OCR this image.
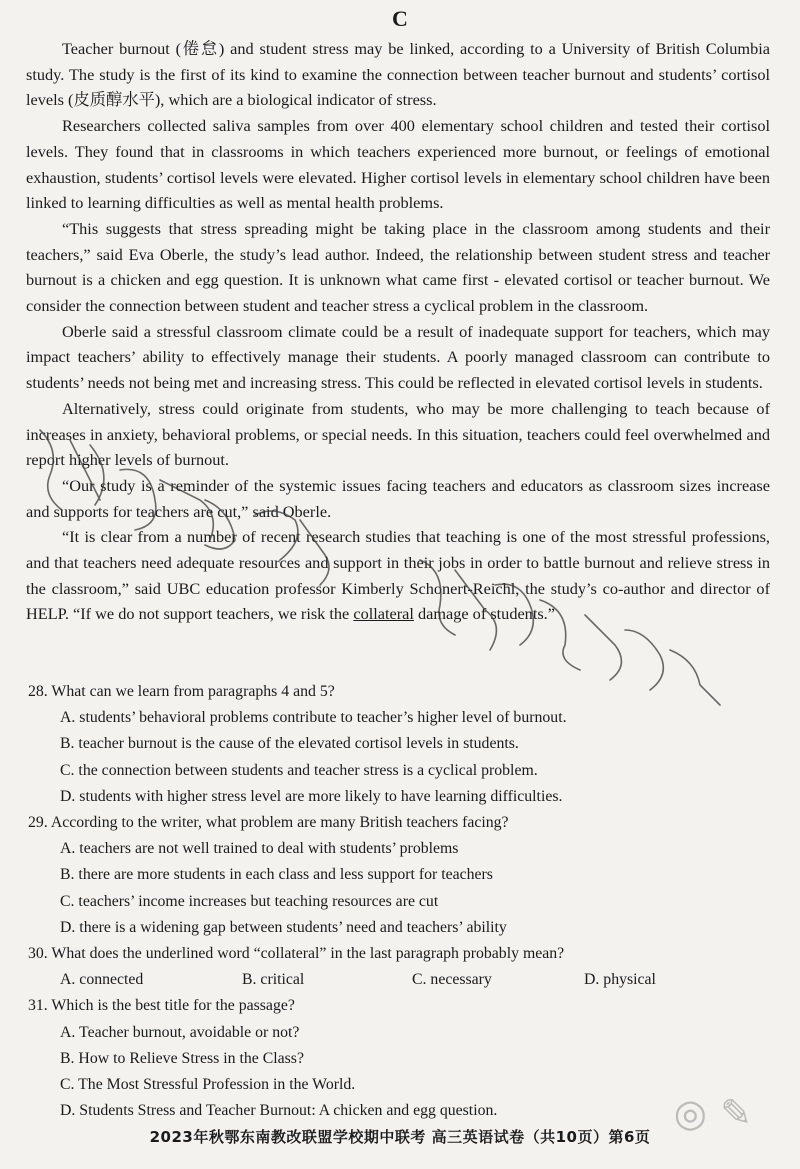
C

Teacher burnout (倦怠) and student stress may be linked, according to a University of British Columbia study. The study is the first of its kind to examine the connection between teacher burnout and students’ cortisol levels (皮质醇水平), which are a biological indicator of stress.

Researchers collected saliva samples from over 400 elementary school children and tested their cortisol levels. They found that in classrooms in which teachers experienced more burnout, or feelings of emotional exhaustion, students’ cortisol levels were elevated. Higher cortisol levels in elementary school children have been linked to learning difficulties as well as mental health problems.

“This suggests that stress spreading might be taking place in the classroom among students and their teachers,” said Eva Oberle, the study’s lead author. Indeed, the relationship between student stress and teacher burnout is a chicken and egg question. It is unknown what came first - elevated cortisol or teacher burnout. We consider the connection between student and teacher stress a cyclical problem in the classroom.

Oberle said a stressful classroom climate could be a result of inadequate support for teachers, which may impact teachers’ ability to effectively manage their students. A poorly managed classroom can contribute to students’ needs not being met and increasing stress. This could be reflected in elevated cortisol levels in students.

Alternatively, stress could originate from students, who may be more challenging to teach because of increases in anxiety, behavioral problems, or special needs. In this situation, teachers could feel overwhelmed and report higher levels of burnout.

“Our study is a reminder of the systemic issues facing teachers and educators as classroom sizes increase and supports for teachers are cut,” said Oberle.

“It is clear from a number of recent research studies that teaching is one of the most stressful professions, and that teachers need adequate resources and support in their jobs in order to battle burnout and relieve stress in the classroom,” said UBC education professor Kimberly Schonert-Reichl, the study’s co-author and director of HELP. “If we do not support teachers, we risk the collateral damage of students.”

28. What can we learn from paragraphs 4 and 5?

A. students’ behavioral problems contribute to teacher’s higher level of burnout.

B. teacher burnout is the cause of the elevated cortisol levels in students.

C. the connection between students and teacher stress is a cyclical problem.

D. students with higher stress level are more likely to have learning difficulties.

29. According to the writer, what problem are many British teachers facing?

A. teachers are not well trained to deal with students’ problems

B. there are more students in each class and less support for teachers

C. teachers’ income increases but teaching resources are cut

D. there is a widening gap between students’ need and teachers’ ability

30. What does the underlined word “collateral” in the last paragraph probably mean?

A. connected	B. critical	C. necessary	D. physical

31. Which is the best title for the passage?

A. Teacher burnout, avoidable or not?

B. How to Relieve Stress in the Class?

C. The Most Stressful Profession in the World.

D. Students Stress and Teacher Burnout: A chicken and egg question.

2023年秋鄂东南教改联盟学校期中联考 高三英语试卷（共10页）第6页
◎ ✎
